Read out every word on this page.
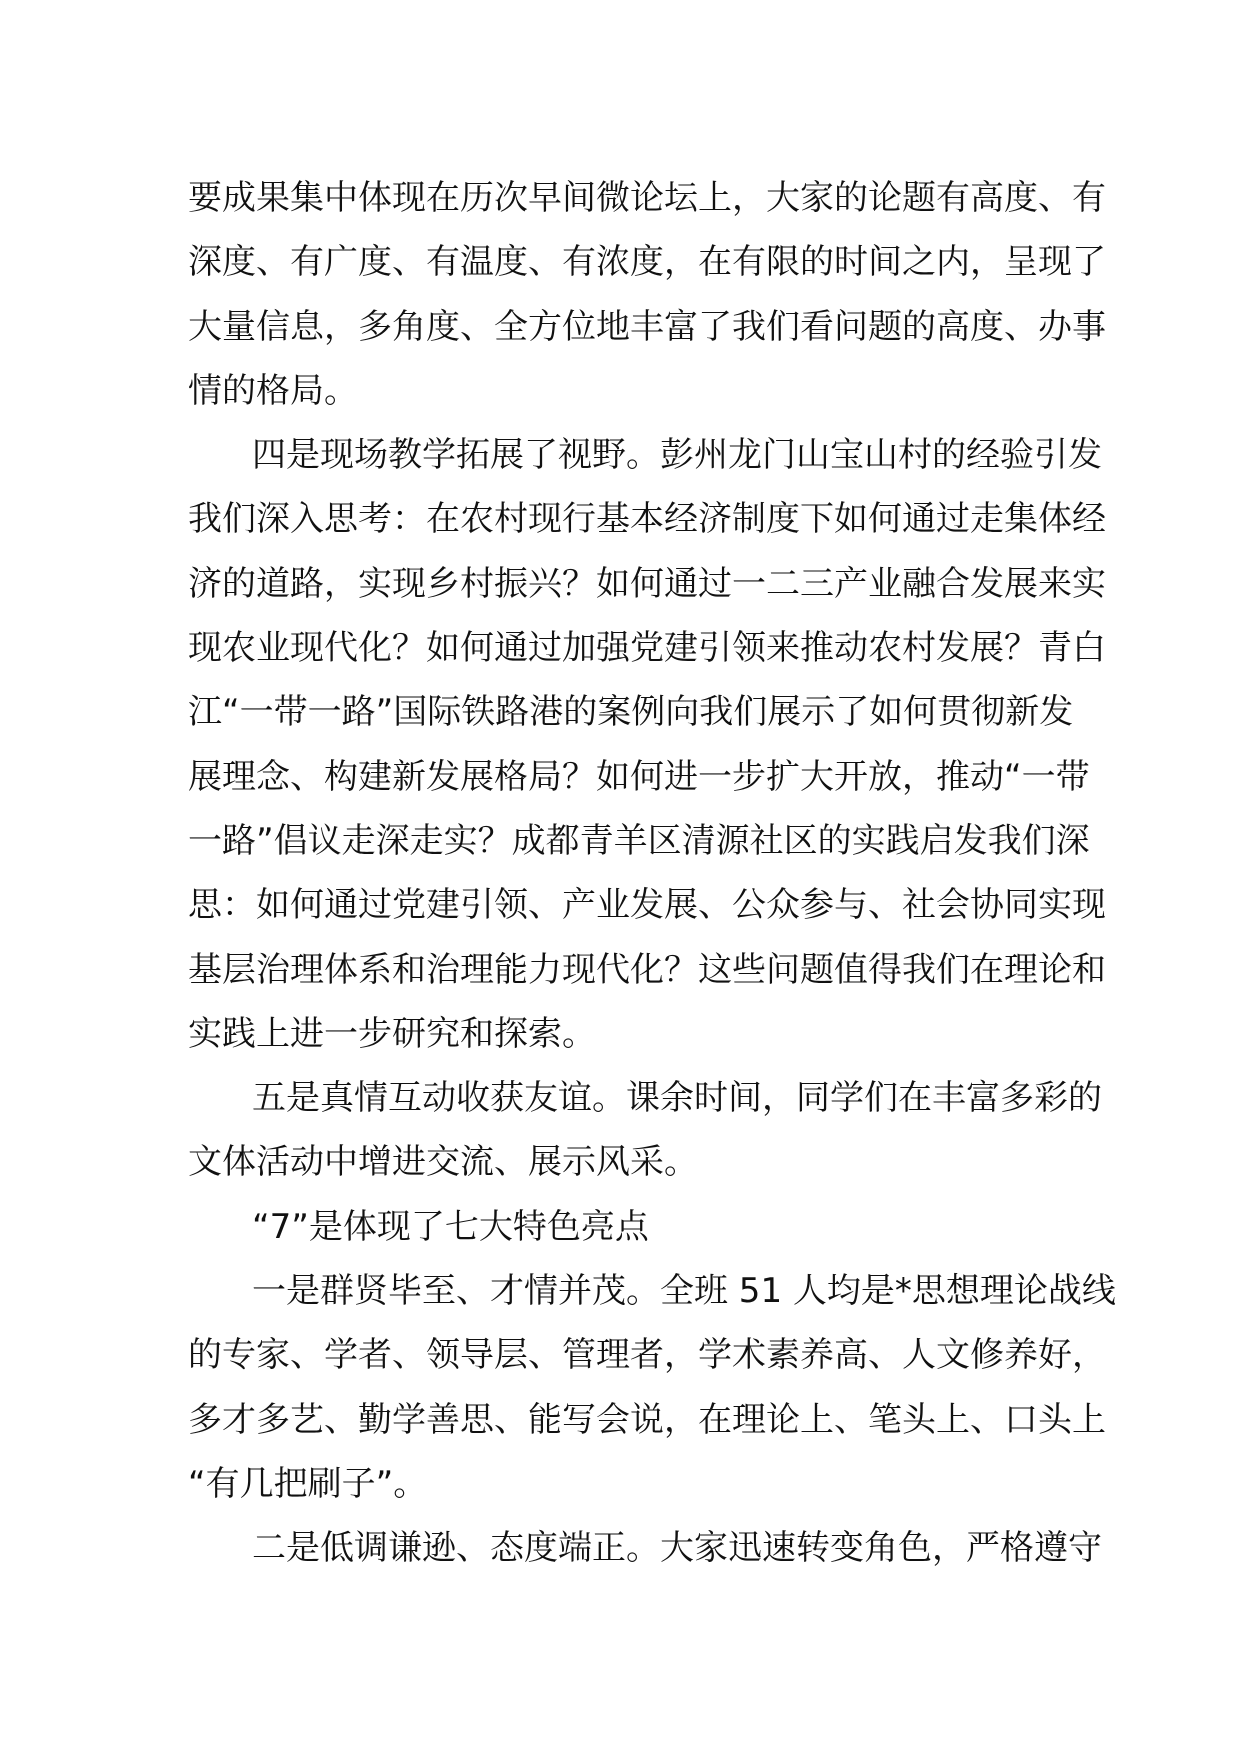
要成果集中体现在历次早间微论坛上，大家的论题有高度、有
深度、有广度、有温度、有浓度，在有限的时间之内，呈现了
大量信息，多角度、全方位地丰富了我们看问题的高度、办事
情的格局。
四是现场教学拓展了视野。彭州龙门山宝山村的经验引发
我们深入思考：在农村现行基本经济制度下如何通过走集体经
济的道路，实现乡村振兴？如何通过一二三产业融合发展来实
现农业现代化？如何通过加强党建引领来推动农村发展？青白
江“一带一路”国际铁路港的案例向我们展示了如何贯彻新发
展理念、构建新发展格局？如何进一步扩大开放，推动“一带
一路”倡议走深走实？成都青羊区清源社区的实践启发我们深
思：如何通过党建引领、产业发展、公众参与、社会协同实现
基层治理体系和治理能力现代化？这些问题值得我们在理论和
实践上进一步研究和探索。
五是真情互动收获友谊。课余时间，同学们在丰富多彩的
文体活动中增进交流、展示风采。
“7”是体现了七大特色亮点
一是群贤毕至、才情并茂。全班 51 人均是*思想理论战线
的专家、学者、领导层、管理者，学术素养高、人文修养好，
多才多艺、勤学善思、能写会说，在理论上、笔头上、口头上
“有几把刷子”。
二是低调谦逊、态度端正。大家迅速转变角色，严格遵守
